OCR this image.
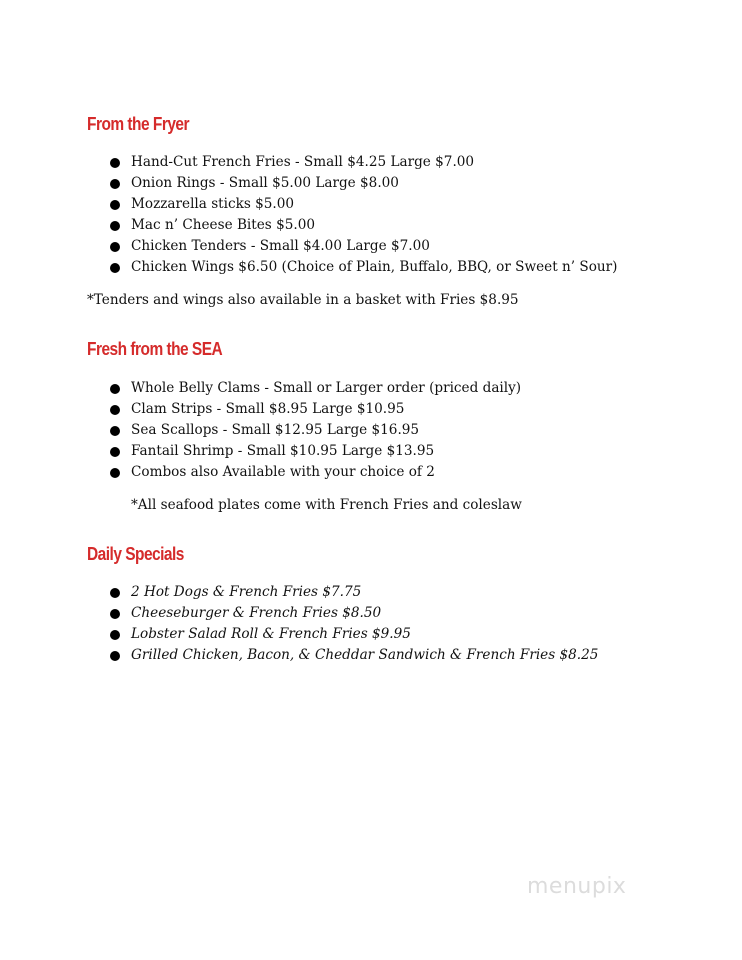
From the Fryer
Hand-Cut French Fries - Small $4.25 Large $7.00
Onion Rings - Small $5.00 Large $8.00
Mozzarella sticks $5.00
Mac n’ Cheese Bites $5.00
Chicken Tenders - Small $4.00 Large $7.00
Chicken Wings $6.50 (Choice of Plain, Buffalo, BBQ, or Sweet n’ Sour)

*Tenders and wings also available in a basket with Fries $8.95

Fresh from the SEA
Whole Belly Clams - Small or Larger order (priced daily)
Clam Strips - Small $8.95 Large $10.95
Sea Scallops - Small $12.95 Large $16.95
Fantail Shrimp - Small $10.95 Large $13.95
Combos also Available with your choice of 2

*All seafood plates come with French Fries and coleslaw

Daily Specials
2 Hot Dogs & French Fries $7.75
Cheeseburger & French Fries $8.50
Lobster Salad Roll & French Fries $9.95
Grilled Chicken, Bacon, & Cheddar Sandwich & French Fries $8.25
menupix
